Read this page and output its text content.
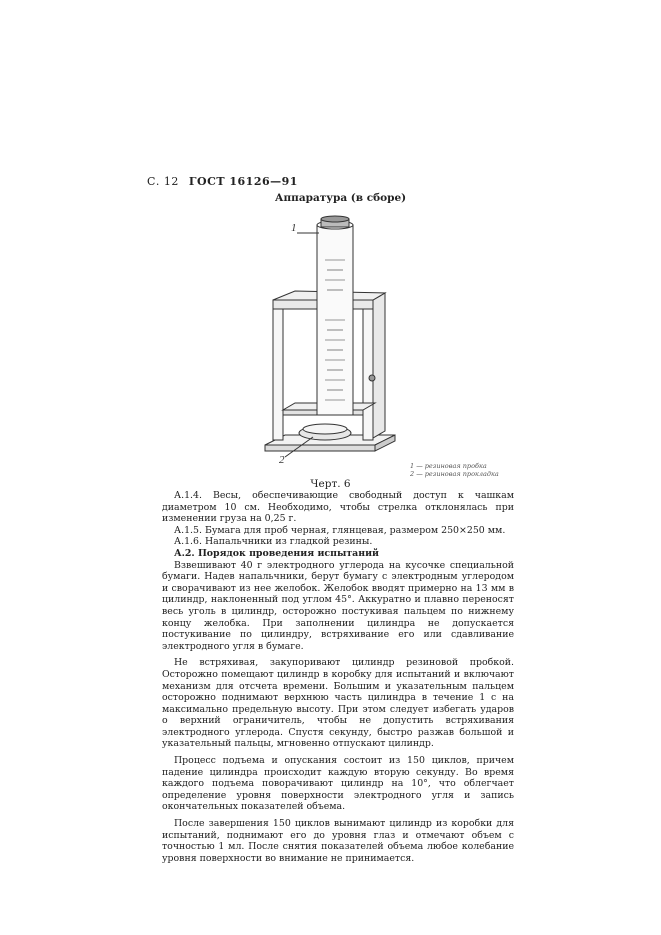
С. 12 ГОСТ 16126—91
Аппаратура (в сборе)
1
2	1 — резиновая пробка
2 — резиновая прокладка
Черт. 6

А.1.4. Весы, обеспечивающие свободный доступ к чашкам диаметром 10 см. Необходимо, чтобы стрелка отклонялась при изменении груза на 0,25 г.

А.1.5. Бумага для проб черная, глянцевая, размером 250×250 мм.

А.1.6. Напальчники из гладкой резины.

А.2. Порядок проведения испытаний

Взвешивают 40 г электродного углерода на кусочке специальной бумаги. Надев напальчники, берут бумагу с электродным углеродом и сворачивают из нее желобок. Желобок вводят примерно на 13 мм в цилиндр, наклоненный под углом 45°. Аккуратно и плавно переносят весь уголь в цилиндр, осторожно постукивая пальцем по нижнему концу желобка. При заполнении цилиндра не допускается постукивание по цилиндру, встряхивание его или сдавливание электродного угля в бумаге.

Не встряхивая, закупоривают цилиндр резиновой пробкой. Осторожно помещают цилиндр в коробку для испытаний и включают механизм для отсчета времени. Большим и указательным пальцем осторожно поднимают верхнюю часть цилиндра в течение 1 с на максимально предельную высоту. При этом следует избегать ударов о верхний ограничитель, чтобы не допустить встряхивания электродного углерода. Спустя секунду, быстро разжав большой и указательный пальцы, мгновенно отпускают цилиндр.

Процесс подъема и опускания состоит из 150 циклов, причем падение цилиндра происходит каждую вторую секунду. Во время каждого подъема поворачивают цилиндр на 10°, что облегчает определение уровня поверхности электродного угля и запись окончательных показателей объема.

После завершения 150 циклов вынимают цилиндр из коробки для испытаний, поднимают его до уровня глаз и отмечают объем с точностью 1 мл. После снятия показателей объема любое колебание уровня поверхности во внимание не принимается.
